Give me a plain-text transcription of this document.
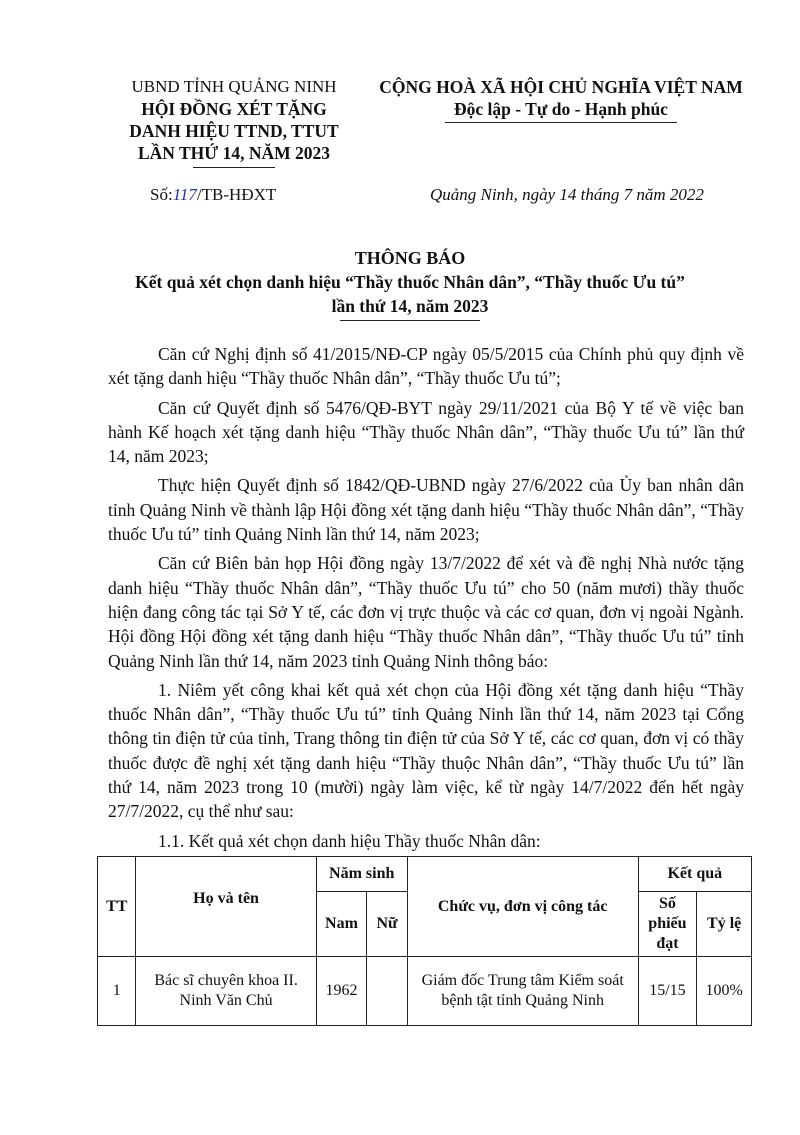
UBND TỈNH QUẢNG NINH
HỘI ĐỒNG XÉT TẶNG
DANH HIỆU TTND, TTUT
LẦN THỨ 14, NĂM 2023
CỘNG HOÀ XÃ HỘI CHỦ NGHĨA VIỆT NAM
Độc lập - Tự do - Hạnh phúc
Số:117/TB-HĐXT	Quảng Ninh, ngày 14 tháng 7 năm 2022
THÔNG BÁO
Kết quả xét chọn danh hiệu “Thầy thuốc Nhân dân”, “Thầy thuốc Ưu tú”
lần thứ 14, năm 2023

Căn cứ Nghị định số 41/2015/NĐ-CP ngày 05/5/2015 của Chính phủ quy định về xét tặng danh hiệu “Thầy thuốc Nhân dân”, “Thầy thuốc Ưu tú”;

Căn cứ Quyết định số 5476/QĐ-BYT ngày 29/11/2021 của Bộ Y tế về việc ban hành Kế hoạch xét tặng danh hiệu “Thầy thuốc Nhân dân”, “Thầy thuốc Ưu tú” lần thứ 14, năm 2023;

Thực hiện Quyết định số 1842/QĐ-UBND ngày 27/6/2022 của Ủy ban nhân dân tỉnh Quảng Ninh về thành lập Hội đồng xét tặng danh hiệu “Thầy thuốc Nhân dân”, “Thầy thuốc Ưu tú” tỉnh Quảng Ninh lần thứ 14, năm 2023;

Căn cứ Biên bản họp Hội đồng ngày 13/7/2022 để xét và đề nghị Nhà nước tặng danh hiệu “Thầy thuốc Nhân dân”, “Thầy thuốc Ưu tú” cho 50 (năm mươi) thầy thuốc hiện đang công tác tại Sở Y tế, các đơn vị trực thuộc và các cơ quan, đơn vị ngoài Ngành. Hội đồng Hội đồng xét tặng danh hiệu “Thầy thuốc Nhân dân”, “Thầy thuốc Ưu tú” tỉnh Quảng Ninh lần thứ 14, năm 2023 tỉnh Quảng Ninh thông báo:

1. Niêm yết công khai kết quả xét chọn của Hội đồng xét tặng danh hiệu “Thầy thuốc Nhân dân”, “Thầy thuốc Ưu tú” tỉnh Quảng Ninh lần thứ 14, năm 2023 tại Cổng thông tin điện tử của tỉnh, Trang thông tin điện tử của Sở Y tế, các cơ quan, đơn vị có thầy thuốc được đề nghị xét tặng danh hiệu “Thầy thuộc Nhân dân”, “Thầy thuốc Ưu tú” lần thứ 14, năm 2023 trong 10 (mười) ngày làm việc, kể từ ngày 14/7/2022 đến hết ngày 27/7/2022, cụ thể như sau:

1.1. Kết quả xét chọn danh hiệu Thầy thuốc Nhân dân:

TT	Họ và tên	Năm sinh		Chức vụ, đơn vị công tác	Kết quả	
		Nam	Nữ		Số phiếu đạt	Tỷ lệ
1	Bác sĩ chuyên khoa II. Ninh Văn Chủ	1962		Giám đốc Trung tâm Kiểm soát bệnh tật tỉnh Quảng Ninh	15/15	100%
